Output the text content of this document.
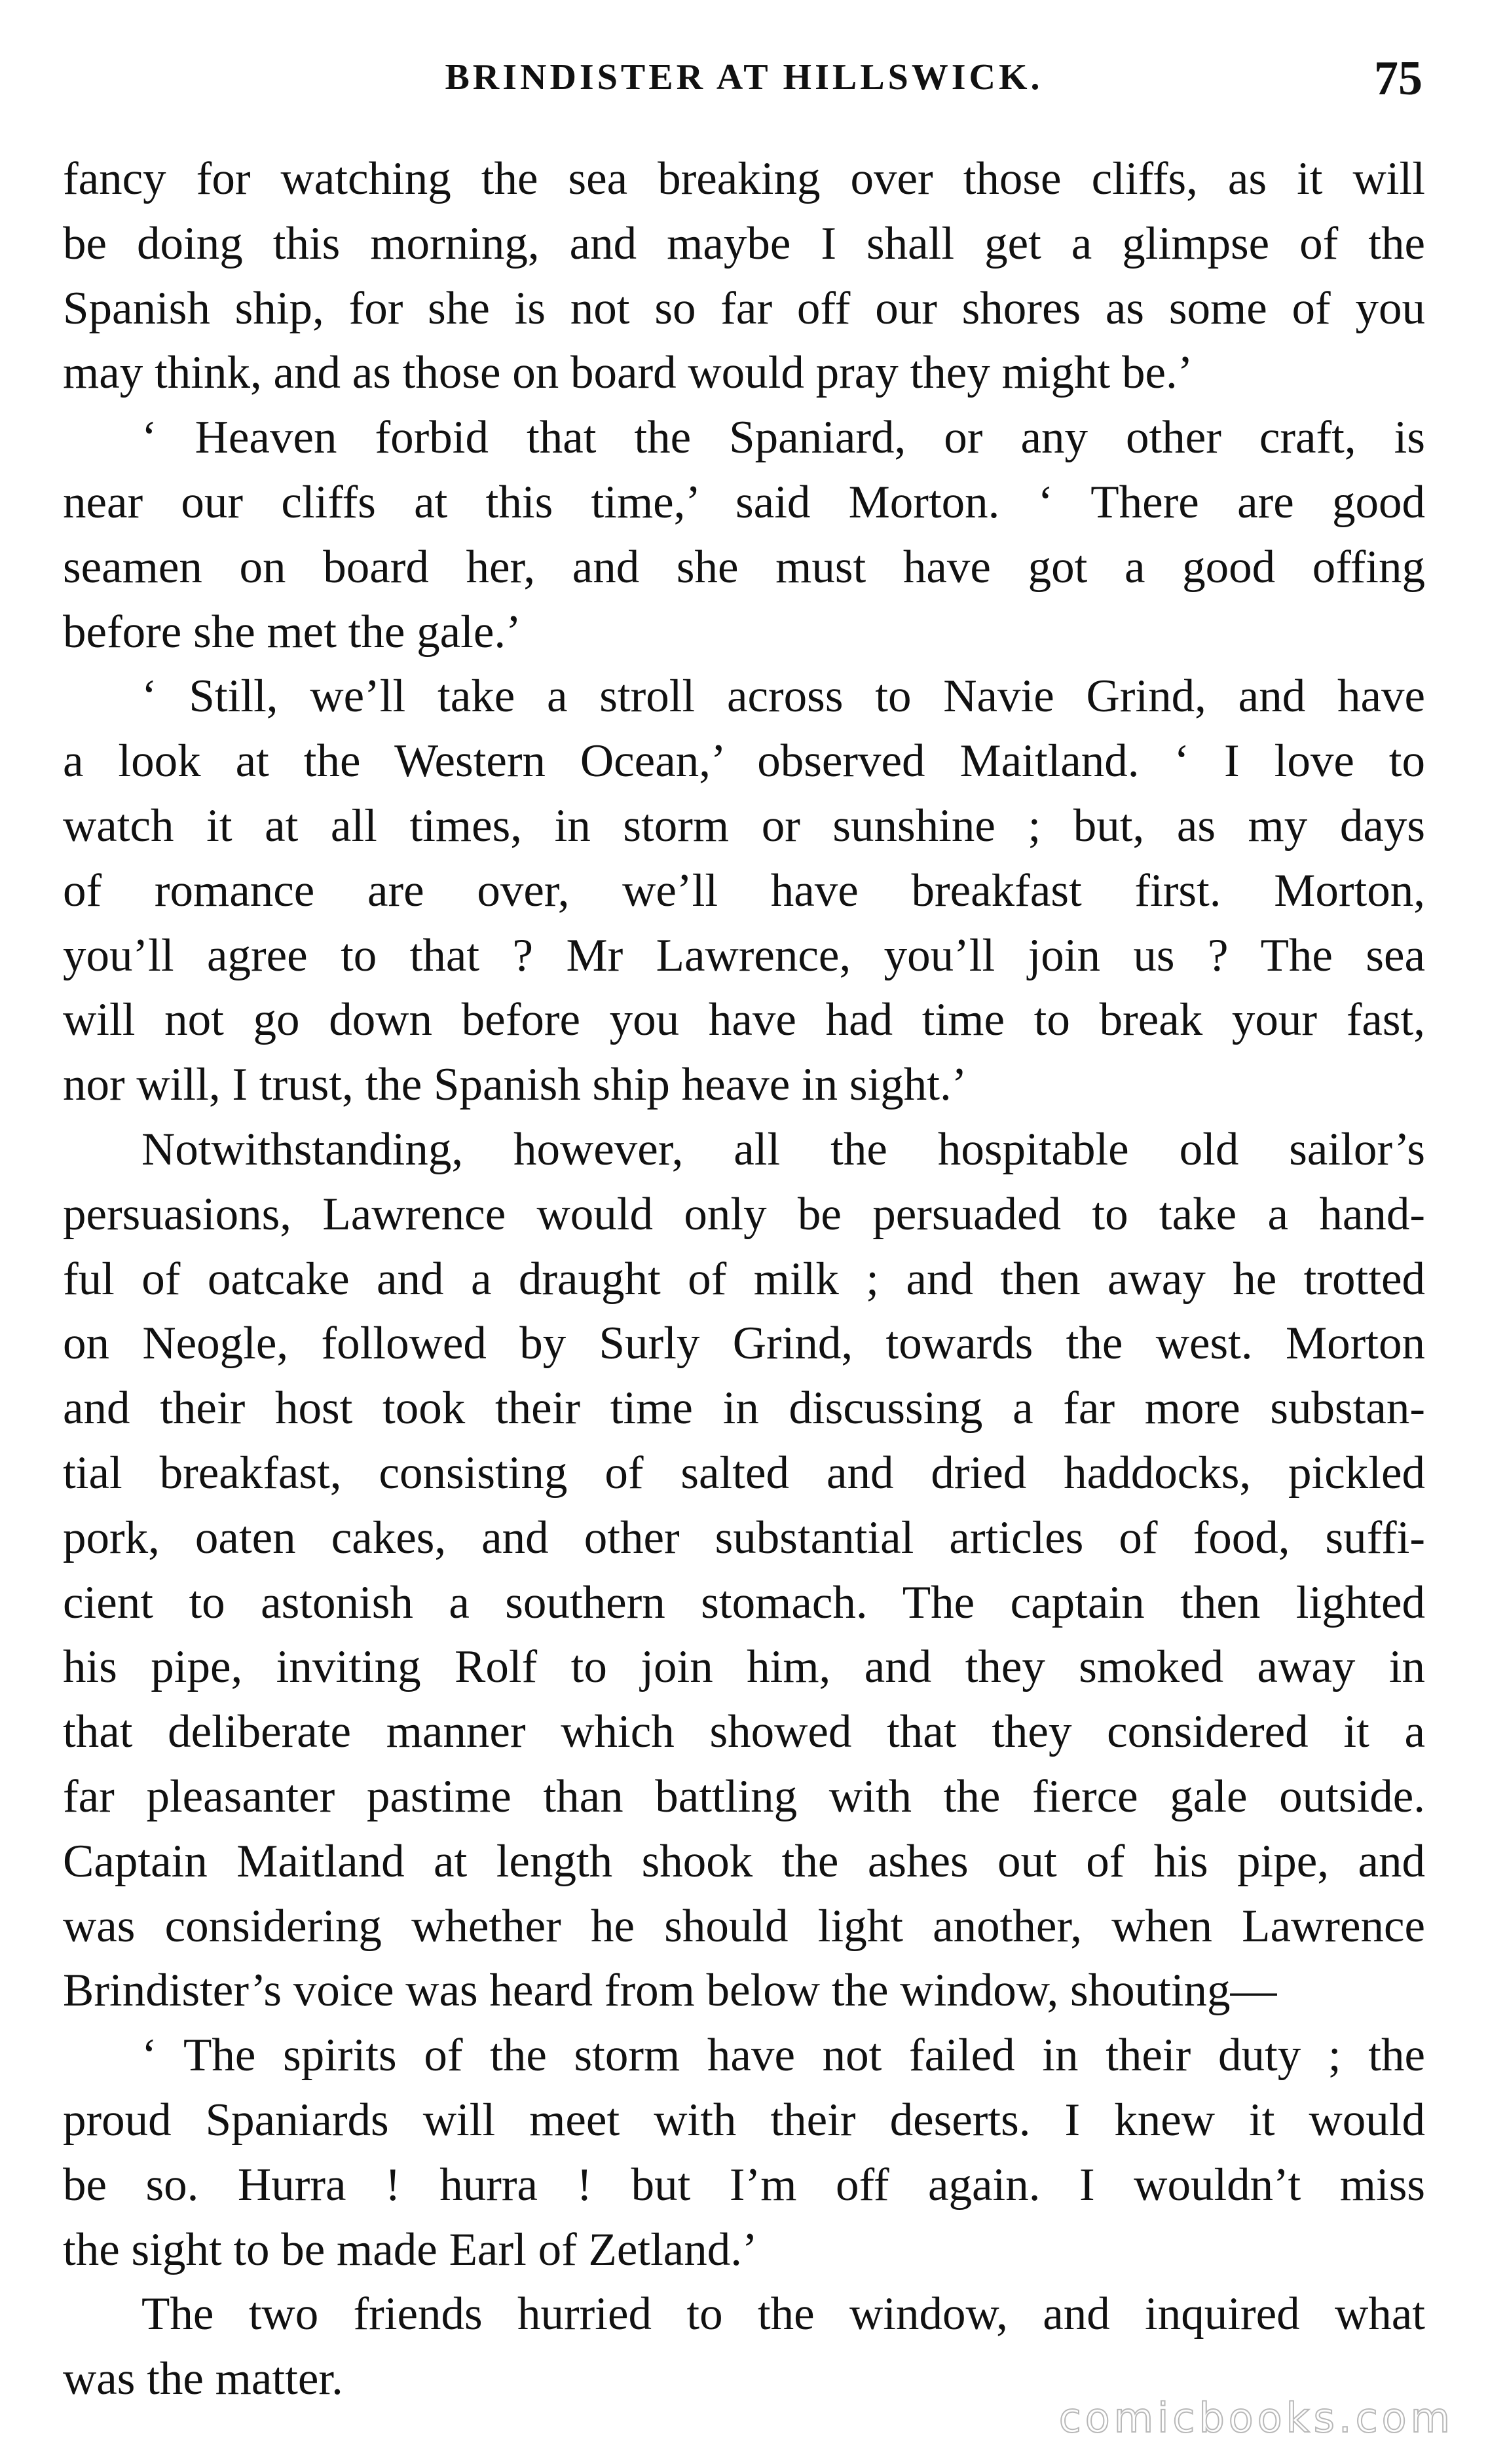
BRINDISTER AT HILLSWICK.	75
fancy for watching the sea breaking over those cliffs, as it will
be doing this morning, and maybe I shall get a glimpse of the
Spanish ship, for she is not so far off our shores as some of you
may think, and as those on board would pray they might be.’
‘ Heaven forbid that the Spaniard, or any other craft, is
near our cliffs at this time,’ said Morton. ‘ There are good
seamen on board her, and she must have got a good offing
before she met the gale.’
‘ Still, we’ll take a stroll across to Navie Grind, and have
a look at the Western Ocean,’ observed Maitland. ‘ I love to
watch it at all times, in storm or sunshine ; but, as my days
of romance are over, we’ll have breakfast first. Morton,
you’ll agree to that ? Mr Lawrence, you’ll join us ? The sea
will not go down before you have had time to break your fast,
nor will, I trust, the Spanish ship heave in sight.’
Notwithstanding, however, all the hospitable old sailor’s
persuasions, Lawrence would only be persuaded to take a hand-
ful of oatcake and a draught of milk ; and then away he trotted
on Neogle, followed by Surly Grind, towards the west. Morton
and their host took their time in discussing a far more substan-
tial breakfast, consisting of salted and dried haddocks, pickled
pork, oaten cakes, and other substantial articles of food, suffi-
cient to astonish a southern stomach. The captain then lighted
his pipe, inviting Rolf to join him, and they smoked away in
that deliberate manner which showed that they considered it a
far pleasanter pastime than battling with the fierce gale outside.
Captain Maitland at length shook the ashes out of his pipe, and
was considering whether he should light another, when Lawrence
Brindister’s voice was heard from below the window, shouting—
‘ The spirits of the storm have not failed in their duty ; the
proud Spaniards will meet with their deserts. I knew it would
be so. Hurra ! hurra ! but I’m off again. I wouldn’t miss
the sight to be made Earl of Zetland.’
The two friends hurried to the window, and inquired what
was the matter.
comicbooks.com
